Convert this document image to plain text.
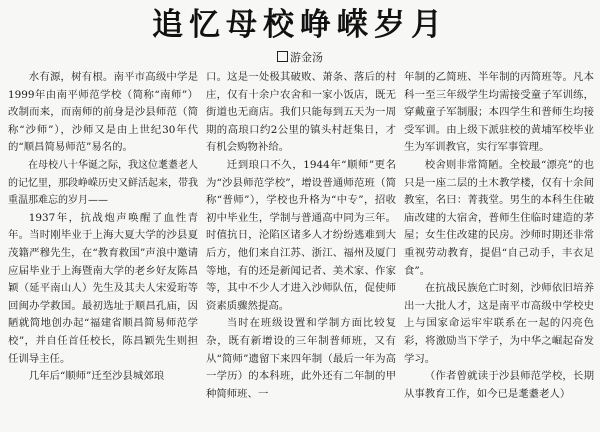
追忆母校峥嵘岁月
游金汤

水有源，树有根。南平市高级中学是1999年由南平师范学校（简称“南师”）改制而来，而南师的前身是沙县师范（简称“沙师”），沙师又是由上世纪30年代的“顺昌简易师范”易名的。

在母校八十华诞之际，我这位耄耋老人的记忆里，那段峥嵘历史又鲜活起来，带我重温那难忘的岁月——

1937年，抗战炮声唤醒了血性青年。当时刚毕业于上海大夏大学的沙县夏茂籍严穆先生，在“教育救国”声浪中邀请应届毕业于上海暨南大学的老乡好友陈昌颖（延平南山人）先生及其夫人宋爱珩等回闽办学救国。最初选址于顺昌孔庙，因陋就简地创办起“福建省顺昌简易师范学校”，并自任首任校长，陈昌颖先生则担任训导主任。

几年后“顺师”迁至沙县城郊琅

口。这是一处极其破败、萧条、落后的村庄，仅有十余户农舍和一家小饭店，既无街道也无商店。我们只能每到五天为一周期的高琅口约2公里的镇头村赶集日，才有机会购物补给。

迁到琅口不久，1944年“顺师”更名为“沙县师范学校”，增设普通师范班（简称“普师”），学校也升格为“中专”，招收初中毕业生，学制与普通高中同为三年。时值抗日，沦陷区诸多人才纷纷逃难到大后方，他们来自江苏、浙江、福州及厦门等地，有的还是新闻记者、美术家、作家等，其中不少人才进入沙师队伍，促使师资素质骤然提高。

当时在班级设置和学制方面比较复杂，既有新增设的三年制普师班，又有从“简师”遗留下来四年制（最后一年为高一学历）的本科班，此外还有二年制的甲种简师班、一

年制的乙简班、半年制的丙简班等。凡本科一至三年级学生均需接受童子军训练，穿戴童子军制服；本四学生和普师生均接受军训。由上级下派驻校的黄埔军校毕业生为军训教官，实行军事管理。

校舍则非常简陋。全校最“漂亮”的也只是一座二层的土木教学楼，仅有十余间教室，名曰：菁莪堂。男生的本科生住破庙改建的大宿舍，普师生住临时建造的茅屋；女生住改建的民房。沙师时期还非常重视劳动教育，提倡“自己动手，丰衣足食”。

在抗战民族危亡时刻，沙师依旧培养出一大批人才，这是南平市高级中学校史上与国家命运牢牢联系在一起的闪亮色彩，将激励当下学子，为中华之崛起奋发学习。

（作者曾就读于沙县师范学校，长期从事教育工作，如今已是耄耋老人）
